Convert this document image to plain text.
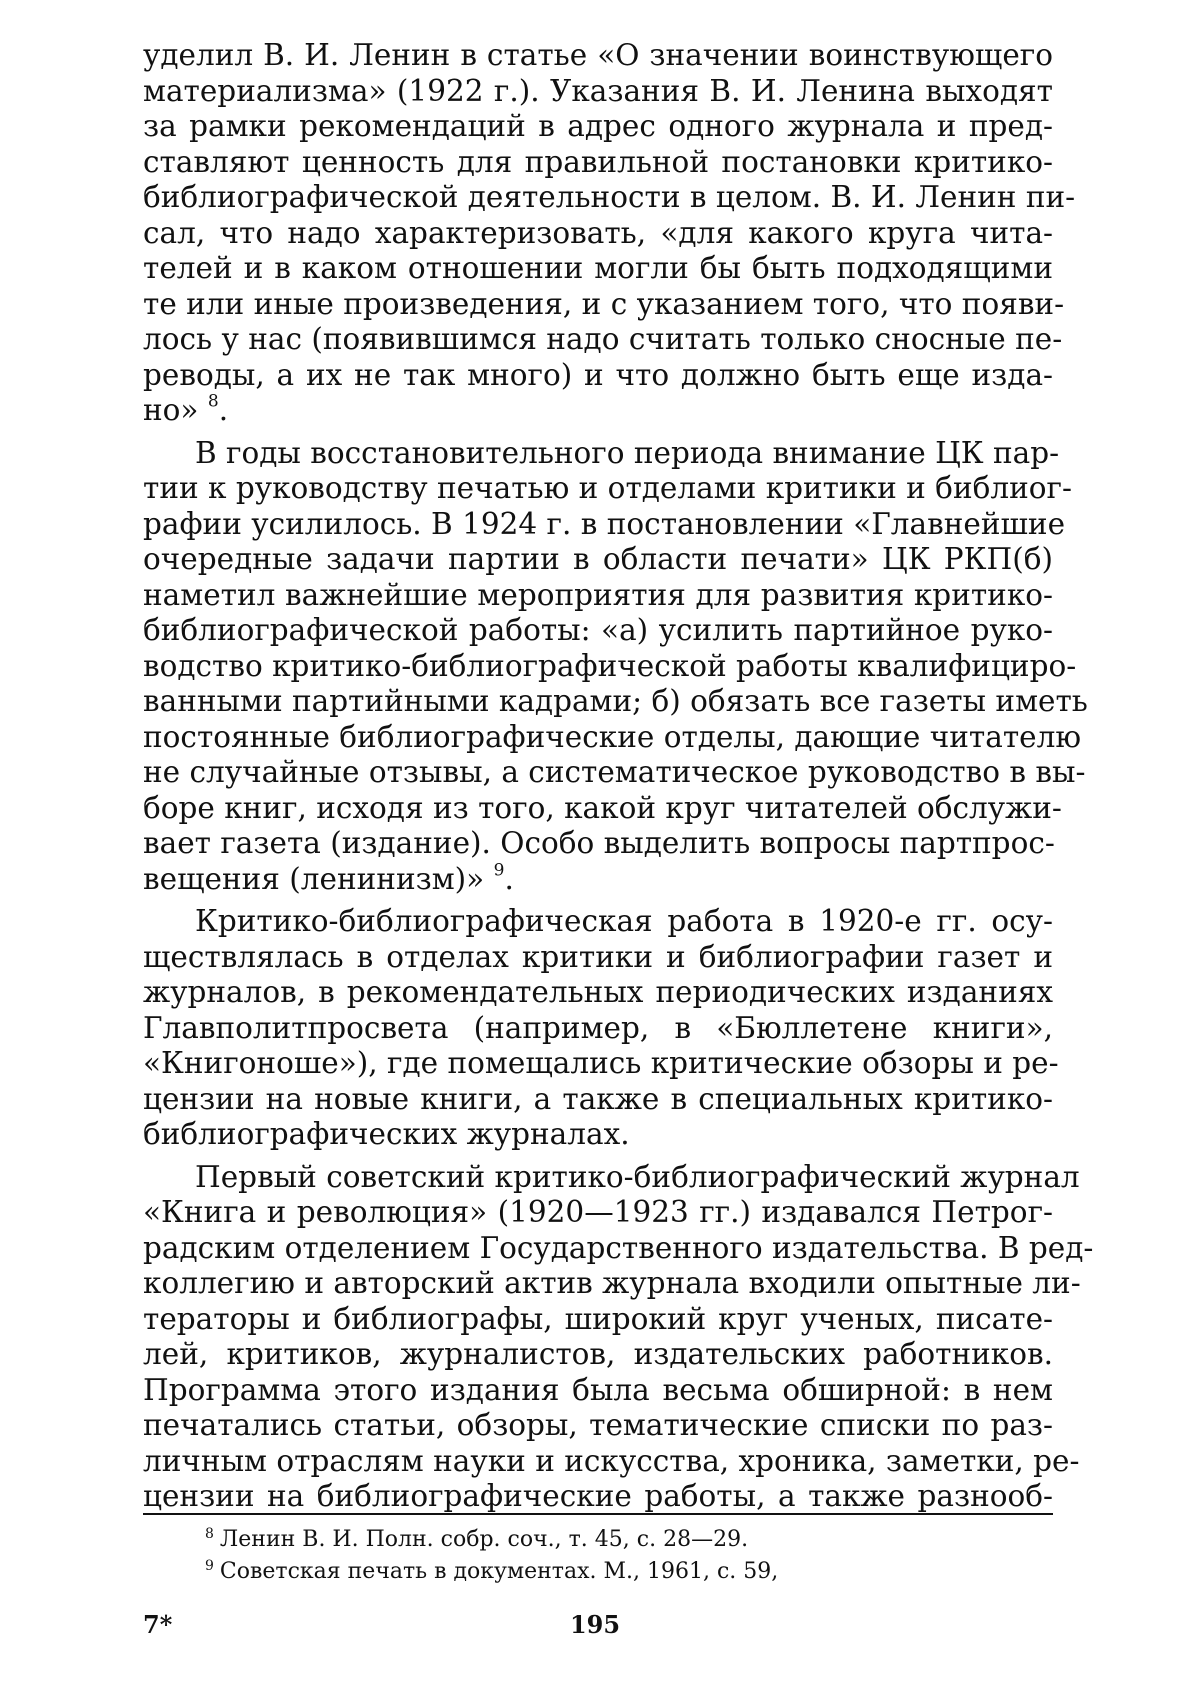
уделил В. И. Ленин в статье «О значении воинствующего
материализма» (1922 г.). Указания В. И. Ленина выходят
за рамки рекомендаций в адрес одного журнала и пред-
ставляют ценность для правильной постановки критико-
библиографической деятельности в целом. В. И. Ленин пи-
сал, что надо характеризовать, «для какого круга чита-
телей и в каком отношении могли бы быть подходящими
те или иные произведения, и с указанием того, что появи-
лось у нас (появившимся надо считать только сносные пе-
реводы, а их не так много) и что должно быть еще изда-
но» $^8$.
В годы восстановительного периода внимание ЦК пар-
тии к руководству печатью и отделами критики и библиог-
рафии усилилось. В 1924 г. в постановлении «Главнейшие
очередные задачи партии в области печати» ЦК РКП(б)
наметил важнейшие мероприятия для развития критико-
библиографической работы: «а) усилить партийное руко-
водство критико-библиографической работы квалифициро-
ванными партийными кадрами; б) обязать все газеты иметь
постоянные библиографические отделы, дающие читателю
не случайные отзывы, а систематическое руководство в вы-
боре книг, исходя из того, какой круг читателей обслужи-
вает газета (издание). Особо выделить вопросы партпрос-
вещения (ленинизм)» $^9$.
Критико-библиографическая работа в 1920-е гг. осу-
ществлялась в отделах критики и библиографии газет и
журналов, в рекомендательных периодических изданиях
Главполитпросвета (например, в «Бюллетене книги»,
«Книгоноше»), где помещались критические обзоры и ре-
цензии на новые книги, а также в специальных критико-
библиографических журналах.
Первый советский критико-библиографический журнал
«Книга и революция» (1920—1923 гг.) издавался Петрог-
радским отделением Государственного издательства. В ред-
коллегию и авторский актив журнала входили опытные ли-
тераторы и библиографы, широкий круг ученых, писате-
лей, критиков, журналистов, издательских работников.
Программа этого издания была весьма обширной: в нем
печатались статьи, обзоры, тематические списки по раз-
личным отраслям науки и искусства, хроника, заметки, ре-
цензии на библиографические работы, а также разнооб-
$^8$ Ленин В. И. Полн. собр. соч., т. 45, с. 28—29.
$^9$ Советская печать в документах. М., 1961, с. 59,
7*	195
